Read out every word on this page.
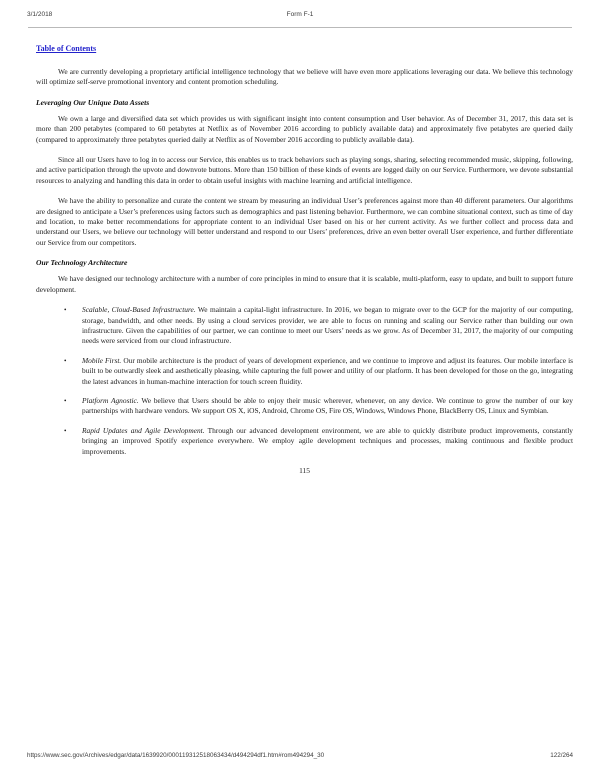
3/1/2018	Form F-1
Table of Contents

We are currently developing a proprietary artificial intelligence technology that we believe will have even more applications leveraging our data. We believe this technology will optimize self-serve promotional inventory and content promotion scheduling.

Leveraging Our Unique Data Assets

We own a large and diversified data set which provides us with significant insight into content consumption and User behavior. As of December 31, 2017, this data set is more than 200 petabytes (compared to 60 petabytes at Netflix as of November 2016 according to publicly available data) and approximately five petabytes are queried daily (compared to approximately three petabytes queried daily at Netflix as of November 2016 according to publicly available data).

Since all our Users have to log in to access our Service, this enables us to track behaviors such as playing songs, sharing, selecting recommended music, skipping, following, and active participation through the upvote and downvote buttons. More than 150 billion of these kinds of events are logged daily on our Service. Furthermore, we devote substantial resources to analyzing and handling this data in order to obtain useful insights with machine learning and artificial intelligence.

We have the ability to personalize and curate the content we stream by measuring an individual User’s preferences against more than 40 different parameters. Our algorithms are designed to anticipate a User’s preferences using factors such as demographics and past listening behavior. Furthermore, we can combine situational context, such as time of day and location, to make better recommendations for appropriate content to an individual User based on his or her current activity. As we further collect and process data and understand our Users, we believe our technology will better understand and respond to our Users’ preferences, drive an even better overall User experience, and further differentiate our Service from our competitors.

Our Technology Architecture

We have designed our technology architecture with a number of core principles in mind to ensure that it is scalable, multi-platform, easy to update, and built to support future development.

• Scalable, Cloud-Based Infrastructure. We maintain a capital-light infrastructure. In 2016, we began to migrate over to the GCP for the majority of our computing, storage, bandwidth, and other needs. By using a cloud services provider, we are able to focus on running and scaling our Service rather than building our own infrastructure. Given the capabilities of our partner, we can continue to meet our Users’ needs as we grow. As of December 31, 2017, the majority of our computing needs were serviced from our cloud infrastructure.
• Mobile First. Our mobile architecture is the product of years of development experience, and we continue to improve and adjust its features. Our mobile interface is built to be outwardly sleek and aesthetically pleasing, while capturing the full power and utility of our platform. It has been developed for those on the go, integrating the latest advances in human-machine interaction for touch screen fluidity.
• Platform Agnostic. We believe that Users should be able to enjoy their music wherever, whenever, on any device. We continue to grow the number of our key partnerships with hardware vendors. We support OS X, iOS, Android, Chrome OS, Fire OS, Windows, Windows Phone, BlackBerry OS, Linux and Symbian.
• Rapid Updates and Agile Development. Through our advanced development environment, we are able to quickly distribute product improvements, constantly bringing an improved Spotify experience everywhere. We employ agile development techniques and processes, making continuous and flexible product improvements.
115
https://www.sec.gov/Archives/edgar/data/1639920/000119312518063434/d494294df1.htm#rom494294_30	122/264
